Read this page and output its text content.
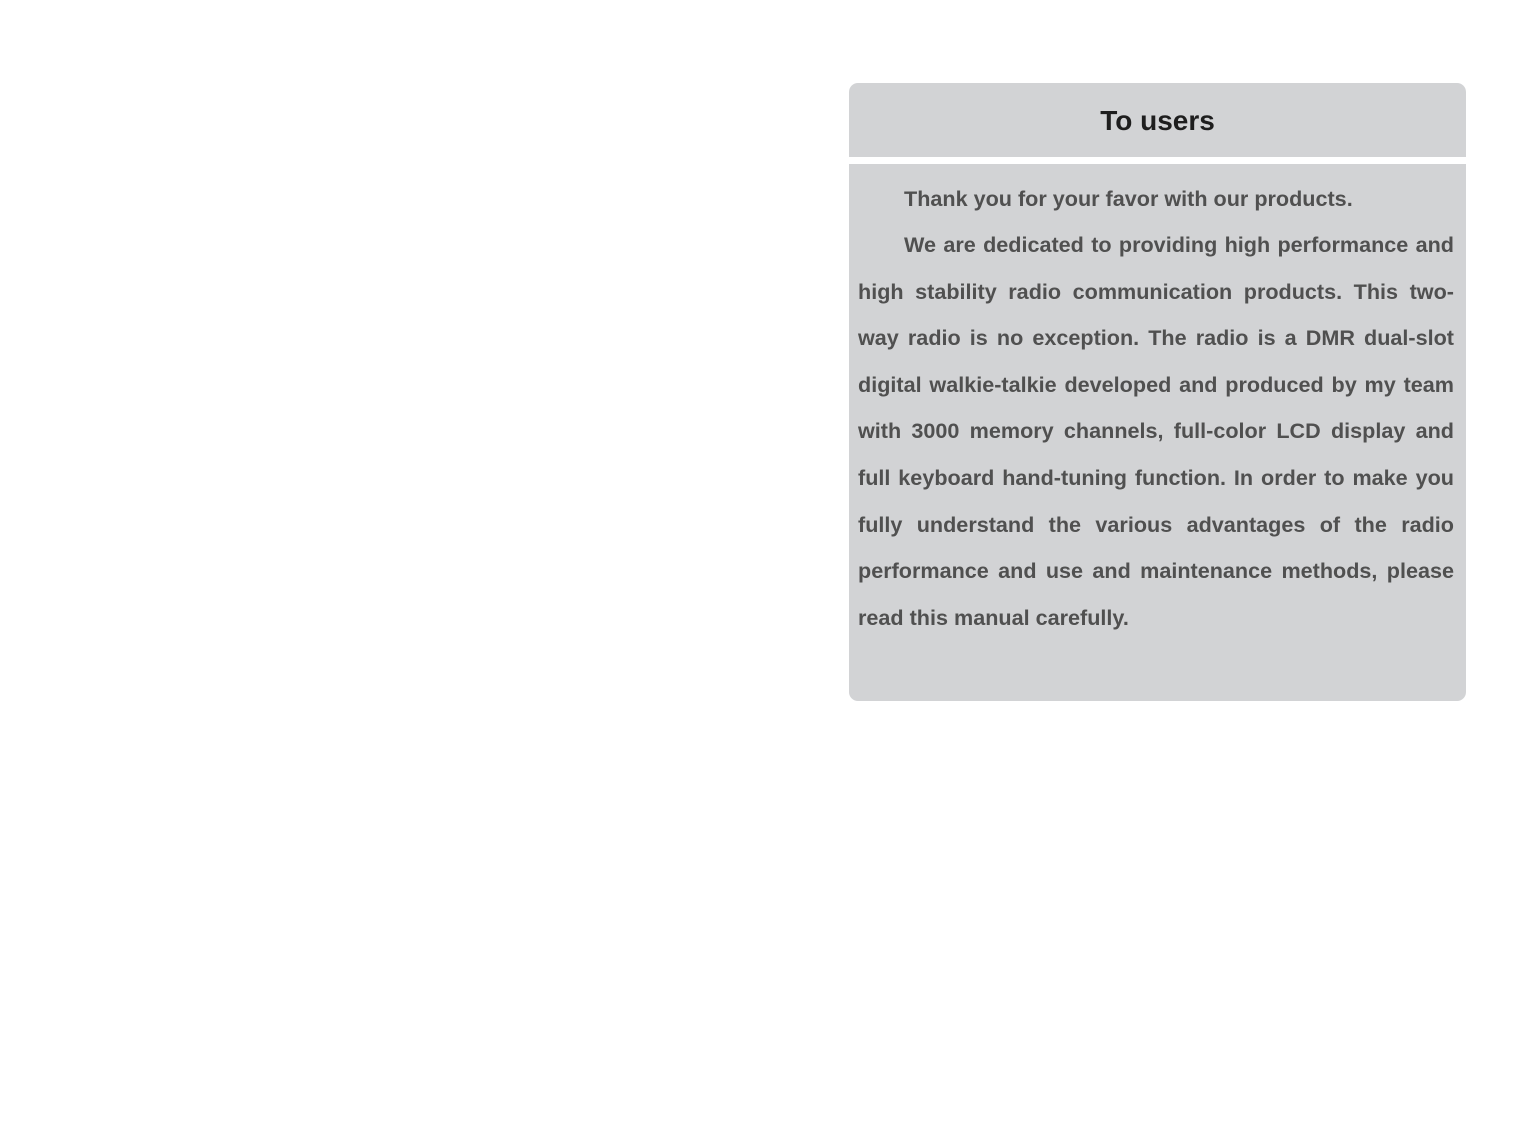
To users

Thank you for your favor with our products.

We are dedicated to providing high performance and high stability radio communication products. This two-way radio is no exception. The radio is a DMR dual-slot digital walkie-talkie developed and produced by my team with 3000 memory channels, full-color LCD display and full keyboard hand-tuning function. In order to make you fully understand the various advantages of the radio performance and use and maintenance methods, please read this manual carefully.
